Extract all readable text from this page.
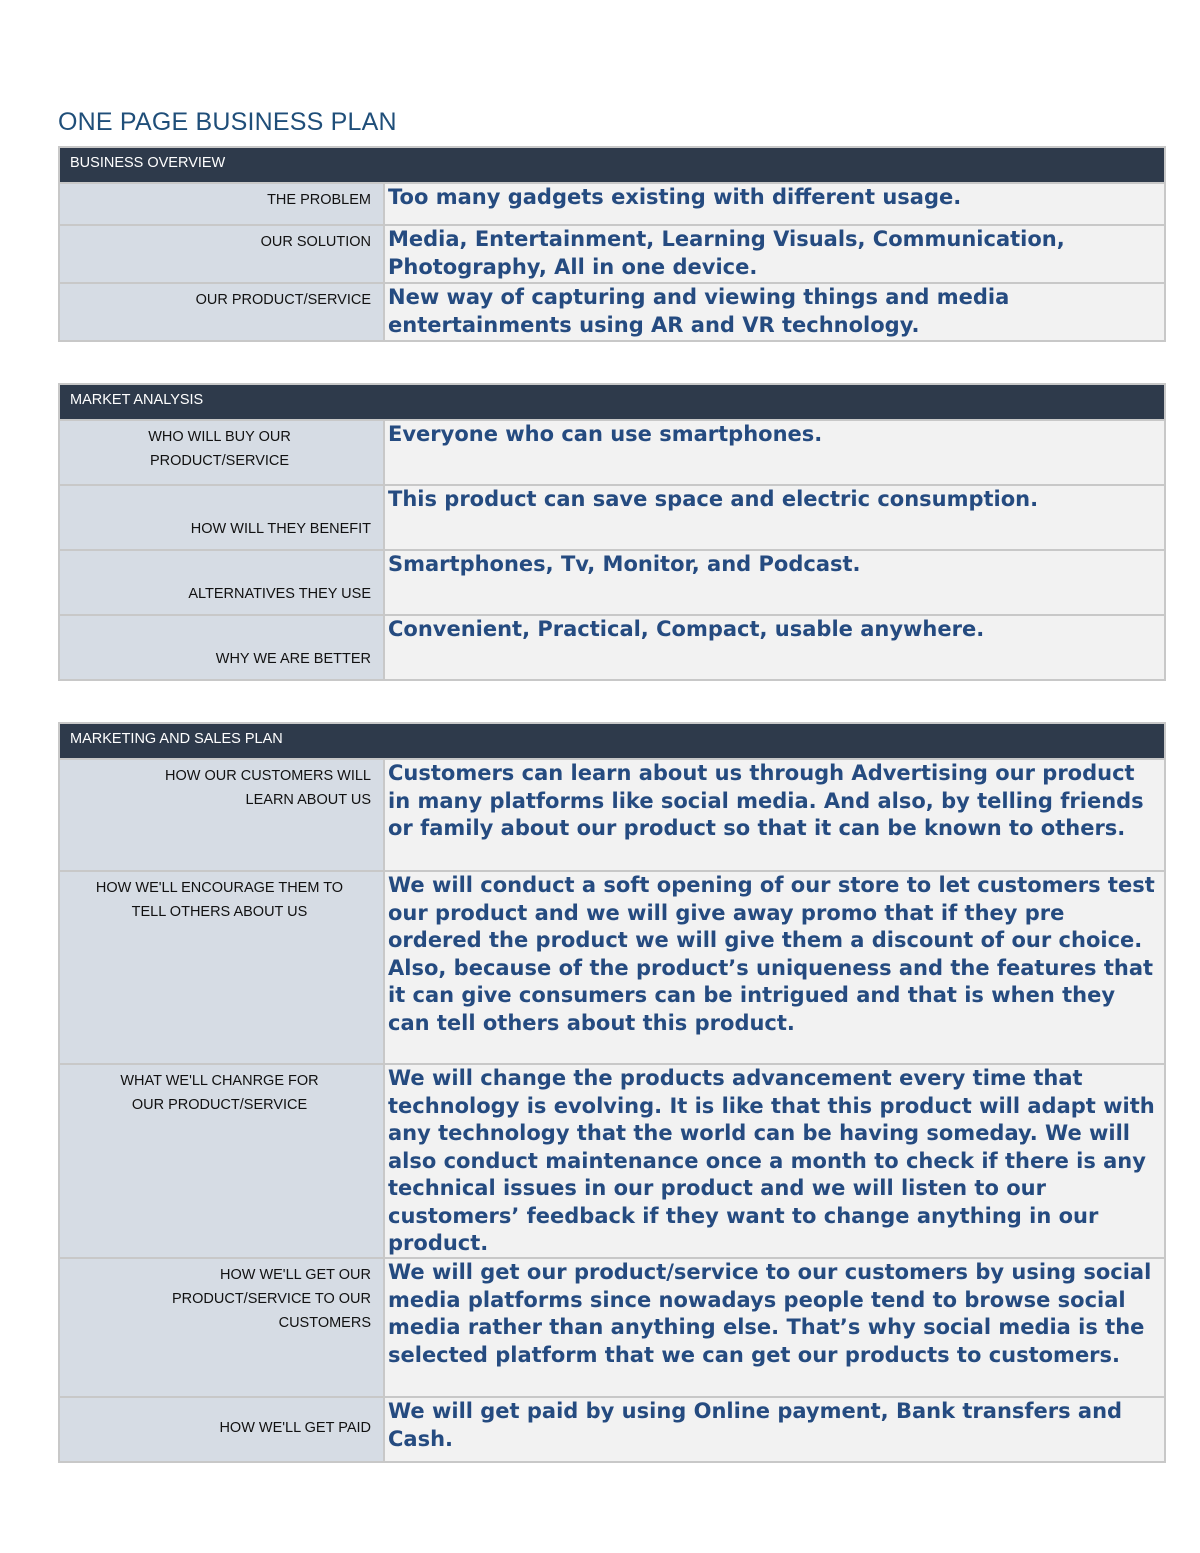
ONE PAGE BUSINESS PLAN
BUSINESS OVERVIEW
THE PROBLEM Too many gadgets existing with different usage.
OUR SOLUTION Media, Entertainment, Learning Visuals, Communication, Photography, All in one device.
OUR PRODUCT/SERVICE New way of capturing and viewing things and media entertainments using AR and VR technology.
MARKET ANALYSIS
WHO WILL BUY OUR
PRODUCT/SERVICE
Everyone who can use smartphones.
HOW WILL THEY BENEFIT
This product can save space and electric consumption.
ALTERNATIVES THEY USE
Smartphones, Tv, Monitor, and Podcast.
WHY WE ARE BETTER
Convenient, Practical, Compact, usable anywhere.
MARKETING AND SALES PLAN
HOW OUR CUSTOMERS WILL
LEARN ABOUT US
Customers can learn about us through Advertising our product in many platforms like social media. And also, by telling friends or family about our product so that it can be known to others.
HOW WE'LL ENCOURAGE THEM TO
TELL OTHERS ABOUT US
We will conduct a soft opening of our store to let customers test our product and we will give away promo that if they pre ordered the product we will give them a discount of our choice. Also, because of the product’s uniqueness and the features that it can give consumers can be intrigued and that is when they can tell others about this product.
WHAT WE'LL CHANRGE FOR
OUR PRODUCT/SERVICE
We will change the products advancement every time that technology is evolving. It is like that this product will adapt with any technology that the world can be having someday. We will also conduct maintenance once a month to check if there is any technical issues in our product and we will listen to our customers’ feedback if they want to change anything in our product.
HOW WE'LL GET OUR
PRODUCT/SERVICE TO OUR
CUSTOMERS
We will get our product/service to our customers by using social media platforms since nowadays people tend to browse social media rather than anything else. That’s why social media is the selected platform that we can get our products to customers.
HOW WE'LL GET PAID
We will get paid by using Online payment, Bank transfers and Cash.
